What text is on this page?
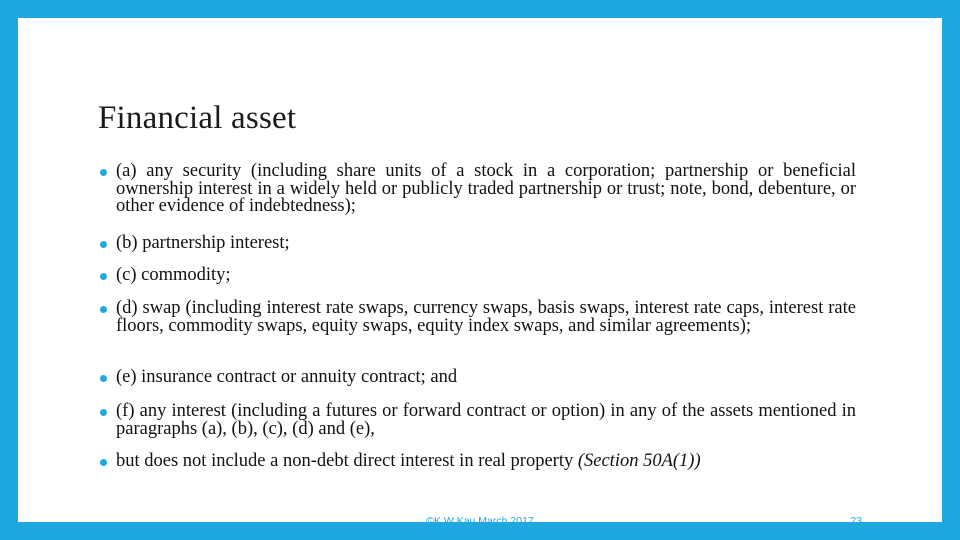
Financial asset
(a) any security (including share units of a stock in a corporation; partnership or beneficial ownership interest in a widely held or publicly traded partnership or trust; note, bond, debenture, or other evidence of indebtedness);
(b) partnership interest;
(c) commodity;
(d) swap (including interest rate swaps, currency swaps, basis swaps, interest rate caps, interest rate floors, commodity swaps, equity swaps, equity index swaps, and similar agreements);
(e) insurance contract or annuity contract; and
(f) any interest (including a futures or forward contract or option) in any of the assets mentioned in paragraphs (a), (b), (c), (d) and (e),
but does not include a non-debt direct interest in real property (Section 50A(1))
©K W Kau March 2017	23
